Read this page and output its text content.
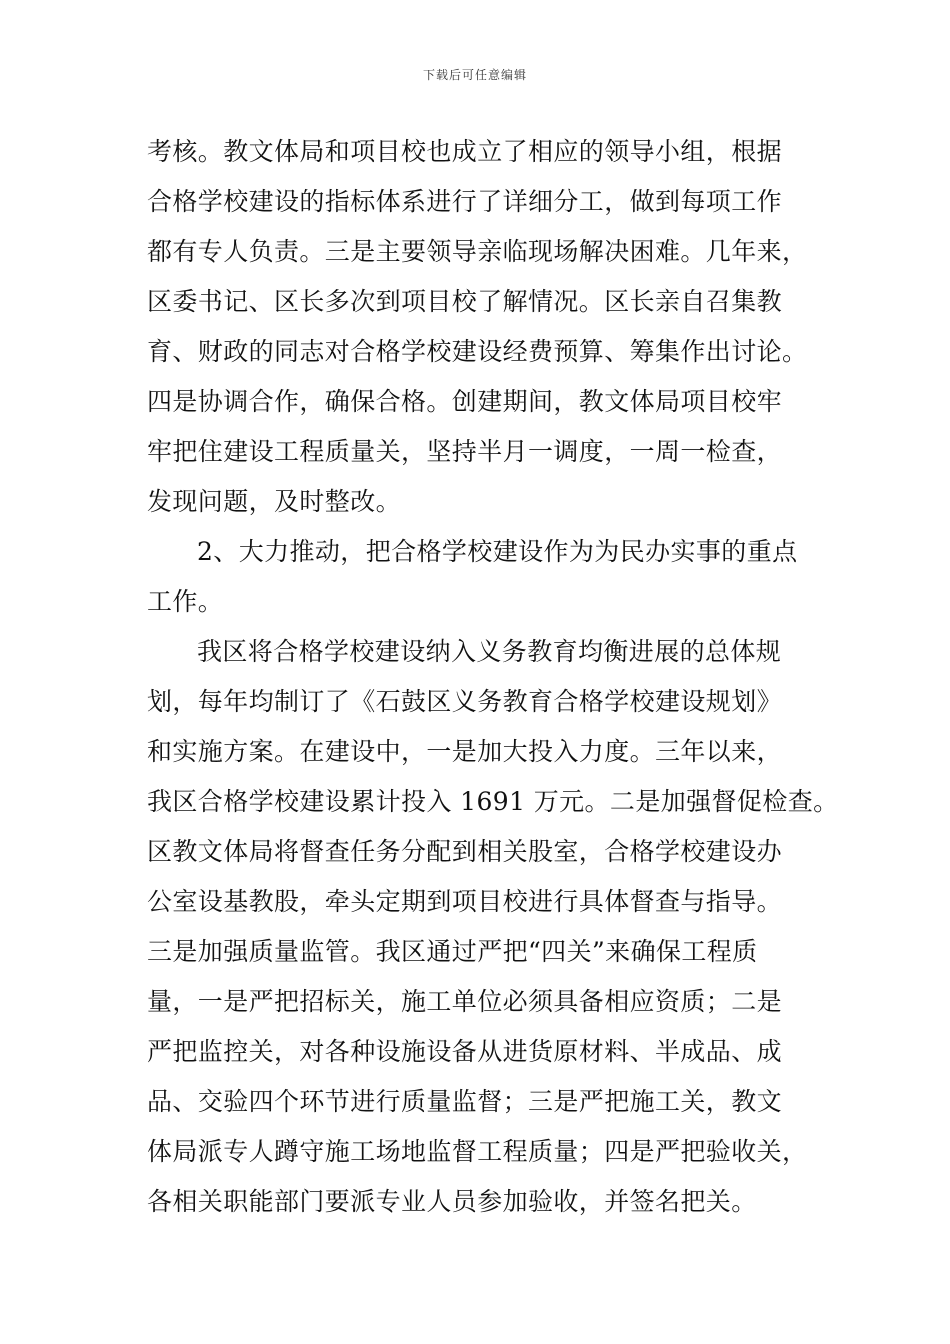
下载后可任意编辑
考核。教文体局和项目校也成立了相应的领导小组，根据
合格学校建设的指标体系进行了详细分工，做到每项工作
都有专人负责。三是主要领导亲临现场解决困难。几年来，
区委书记、区长多次到项目校了解情况。区长亲自召集教
育、财政的同志对合格学校建设经费预算、筹集作出讨论。
四是协调合作，确保合格。创建期间，教文体局项目校牢
牢把住建设工程质量关，坚持半月一调度，一周一检查，
发现问题，及时整改。
2、大力推动，把合格学校建设作为为民办实事的重点
工作。
我区将合格学校建设纳入义务教育均衡进展的总体规
划，每年均制订了《石鼓区义务教育合格学校建设规划》
和实施方案。在建设中，一是加大投入力度。三年以来，
我区合格学校建设累计投入 1691 万元。二是加强督促检查。
区教文体局将督查任务分配到相关股室，合格学校建设办
公室设基教股，牵头定期到项目校进行具体督查与指导。
三是加强质量监管。我区通过严把“四关”来确保工程质
量，一是严把招标关，施工单位必须具备相应资质；二是
严把监控关，对各种设施设备从进货原材料、半成品、成
品、交验四个环节进行质量监督；三是严把施工关，教文
体局派专人蹲守施工场地监督工程质量；四是严把验收关，
各相关职能部门要派专业人员参加验收，并签名把关。
